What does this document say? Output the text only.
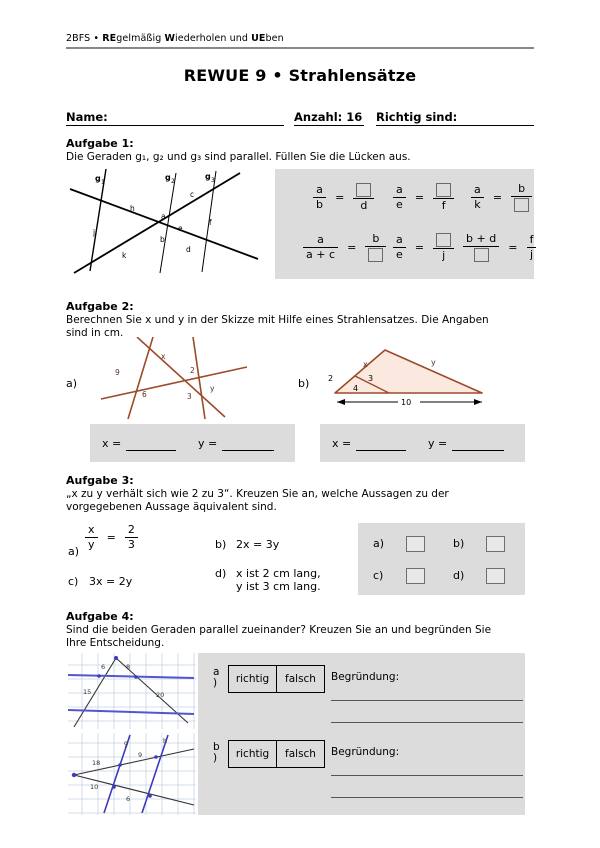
2BFS • REgelmäßig Wiederholen und UEben
REWUE 9 • Strahlensätze
Name:	Anzahl: 16 Richtig sind:
Aufgabe 1:
Die Geraden g₁, g₂ und g₃ sind parallel. Füllen Sie die Lücken aus.
g 1
g 2
g 3
h
a
c
e
f
b
d
j
k
$\frac{a}{b}$ =
d	$\frac{a}{e}$ =
f	$\frac{a}{k}$ =
b
$\frac{a}{a + c}$ =
b	$\frac{a}{e}$ =
j
b + d
= $\frac{f}{j}$
Aufgabe 2:
Berechnen Sie x und y in der Skizze mit Hilfe eines Strahlensatzes. Die Angaben
sind in cm.
a)	b)
9
6
x
2
3
y
x	y
2	3
4
10
x =	y =	x =	y =
Aufgabe 3:
„x zu y verhält sich wie 2 zu 3“. Kreuzen Sie an, welche Aussagen zu der
vorgegebenen Aussage äquivalent sind.
a)
$\frac{x}{y} = \frac{2}{3}$	b) 2x = 3y
c) 3x = 2y
d) x ist 2 cm lang,
y ist 3 cm lang.
a)	b)
c)	d)
Aufgabe 4:
Sind die beiden Geraden parallel zueinander? Kreuzen Sie an und begründen Sie
Ihre Entscheidung.
6	8
15	20
g	h
18
9
10
6
a
)	richtig	falsch Begründung:
b
)	richtig	falsch Begründung:
